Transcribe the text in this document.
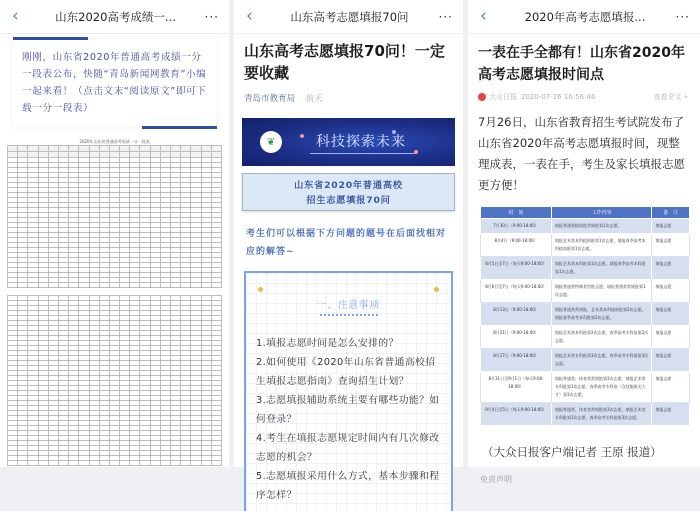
‹	山东2020高考成绩一...	···
刚刚，山东省2020年普通高考成绩一分一段表公布，快随“青岛新闻网教育”小编一起来看！（点击文末“阅读原文”即可下载一分一段表）
2020年山东省普通高考成绩一分一段表

‹	山东高考志愿填报70问	···
山东高考志愿填报70问！一定要收藏
青岛市教育局 前天
❦	科技探索未来
山东省2020年普通高校
招生志愿填报70问
考生们可以根据下方问题的题号在后面找相对应的解答~
一、注意事项
1.填报志愿时间是怎么安排的？
2.如何使用《2020年山东省普通高校招生填报志愿指南》查询招生计划？
3.志愿填报辅助系统主要有哪些功能？如何登录？
4.考生在填报志愿规定时间内有几次修改志愿的机会？
5.志愿填报采用什么方式，基本步骤和程序怎样？
‹	2020年高考志愿填报...	···
一表在手全都有！山东省2020年高考志愿填报时间点
大众日报 2020-07-26 16:56:46	查看全文 »
7月26日，山东省教育招生考试院发布了山东省2020年高考志愿填报时间，现整理成表，一表在手，考生及家长填报志愿更方便！
时　间	工作内容	备　注
7月30日（9:00-18:00）	填报普通类提前批常规批第1次志愿。	填报志愿
8月4日（9:00-18:00）	填报艺术类本科提前批第1次志愿，填报春季高考本科提前批第1次志愿。	填报志愿
8月5日至7日（每天9:00-18:00）	填报艺术类本科批第1次志愿，填报春季高考本科批第1次志愿。	填报志愿
8月6日至7日（每天9:00-18:00）	填报普通类特殊类型批志愿，填报普通类常规批第1次志愿。	填报志愿
8月13日（9:00-18:00）	填报普通类常规批、艺术类本科提前批第2次志愿。填报春季高考本科批第2次志愿。	填报志愿
8月21日（9:00-18:00）	填报艺术类本科批第2次志愿，春季高考专科批第2次志愿。	填报志愿
8月27日（9:00-18:00）	填报艺术类专科批第3次志愿，春季高考专科批第3次志愿。	填报志愿
8月31日至9月1日（每天9:00-18:00）	填报普通类、体育类常规批第3次志愿，填报艺术类专科批第3次志愿，春季高考专科批（含技能拔尖人才）第3次志愿。	填报志愿
9月4日至5日（每天9:00-18:00）	填报普通类、体育类常规批第3次志愿，填报艺术类专科批第3次志愿，春季高考专科批第3次志愿。	填报志愿
（大众日报客户端记者 王原 报道）
免责声明
